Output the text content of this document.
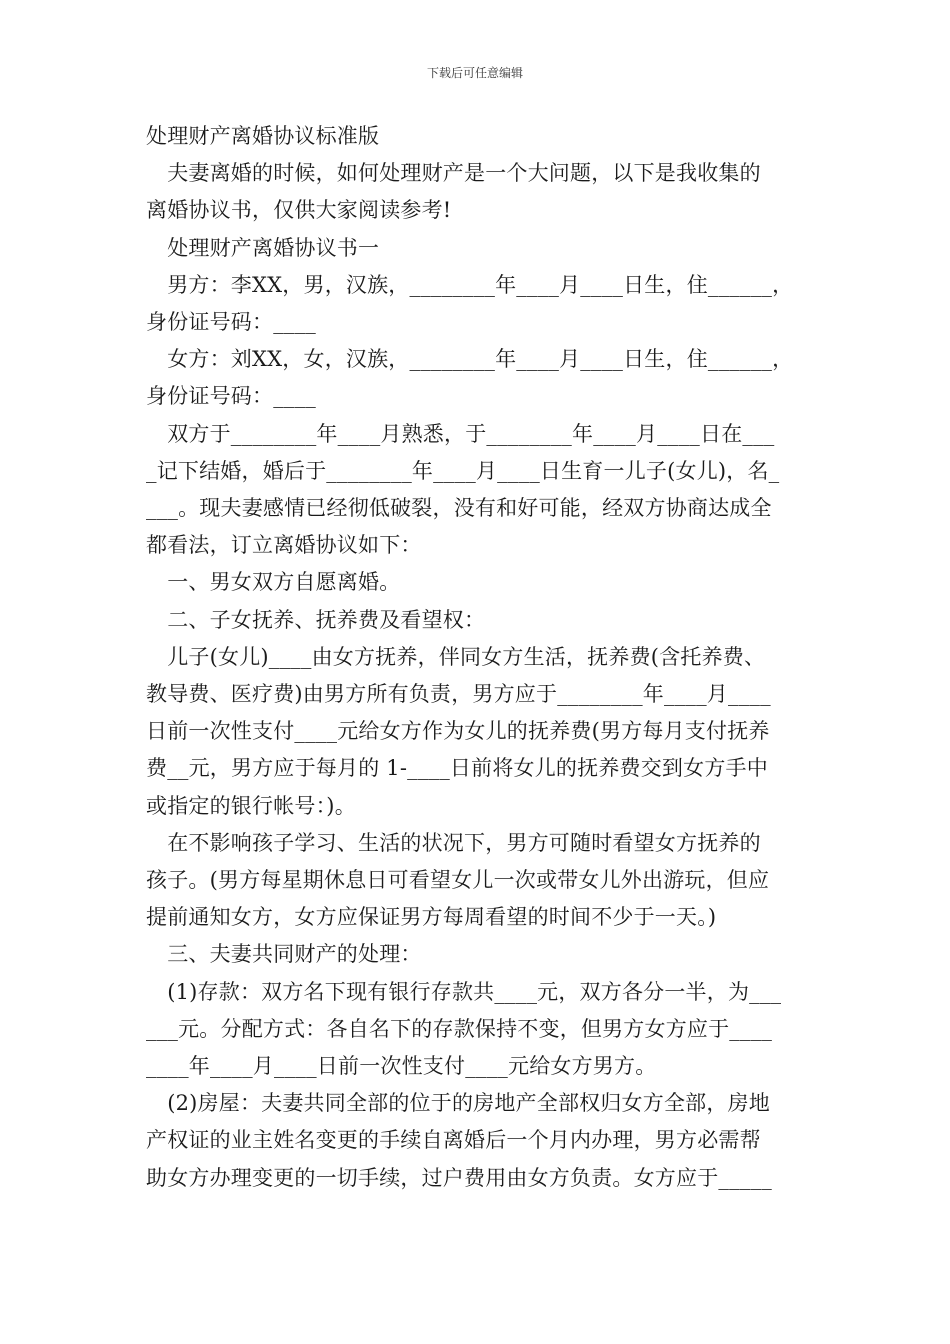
下载后可任意编辑
处理财产离婚协议标准版
　夫妻离婚的时候，如何处理财产是一个大问题，以下是我收集的
离婚协议书，仅供大家阅读参考!
　处理财产离婚协议书一
　男方：李XX，男，汉族，________年____月____日生，住______，
身份证号码：____
　女方：刘XX，女，汉族，________年____月____日生，住______，
身份证号码：____
　双方于________年____月熟悉，于________年____月____日在___
_记下结婚，婚后于________年____月____日生育一儿子(女儿)，名_
___。现夫妻感情已经彻低破裂，没有和好可能，经双方协商达成全
都看法，订立离婚协议如下：
　一、男女双方自愿离婚。
　二、子女抚养、抚养费及看望权：
　儿子(女儿)____由女方抚养，伴同女方生活，抚养费(含托养费、
教导费、医疗费)由男方所有负责，男方应于________年____月____
日前一次性支付____元给女方作为女儿的抚养费(男方每月支付抚养
费__元，男方应于每月的 1-____日前将女儿的抚养费交到女方手中
或指定的银行帐号：)。
　在不影响孩子学习、生活的状况下，男方可随时看望女方抚养的
孩子。(男方每星期休息日可看望女儿一次或带女儿外出游玩，但应
提前通知女方，女方应保证男方每周看望的时间不少于一天。)
　三、夫妻共同财产的处理：
　(1)存款：双方名下现有银行存款共____元，双方各分一半，为___
___元。分配方式：各自名下的存款保持不变，但男方女方应于____
____年____月____日前一次性支付____元给女方男方。
　(2)房屋：夫妻共同全部的位于的房地产全部权归女方全部，房地
产权证的业主姓名变更的手续自离婚后一个月内办理，男方必需帮
助女方办理变更的一切手续，过户费用由女方负责。女方应于_____
